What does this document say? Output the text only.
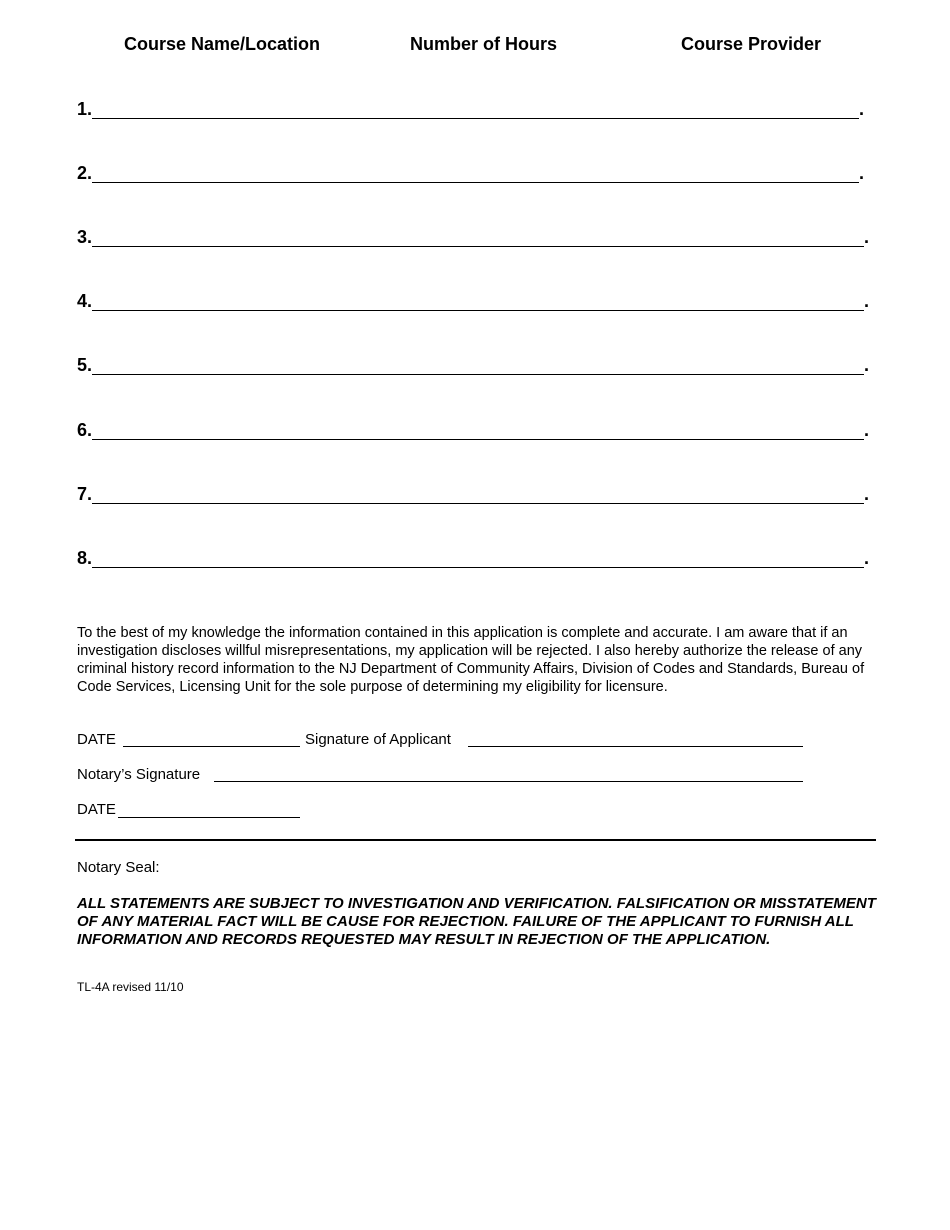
Course Name/Location	Number of Hours	Course Provider
1.	.
2.	.
3.	.
4.	.
5.	.
6.	.
7.	.
8.	.
To the best of my knowledge the information contained in this application is complete and accurate. I am aware that if an investigation discloses willful misrepresentations, my application will be rejected. I also hereby authorize the release of any criminal history record information to the NJ Department of Community Affairs, Division of Codes and Standards, Bureau of Code Services, Licensing Unit for the sole purpose of determining my eligibility for licensure.
DATE	Signature of Applicant
Notary’s Signature
DATE
Notary Seal:
ALL STATEMENTS ARE SUBJECT TO INVESTIGATION AND VERIFICATION. FALSIFICATION OR MISSTATEMENT OF ANY MATERIAL FACT WILL BE CAUSE FOR REJECTION. FAILURE OF THE APPLICANT TO FURNISH ALL INFORMATION AND RECORDS REQUESTED MAY RESULT IN REJECTION OF THE APPLICATION.
TL-4A revised 11/10
